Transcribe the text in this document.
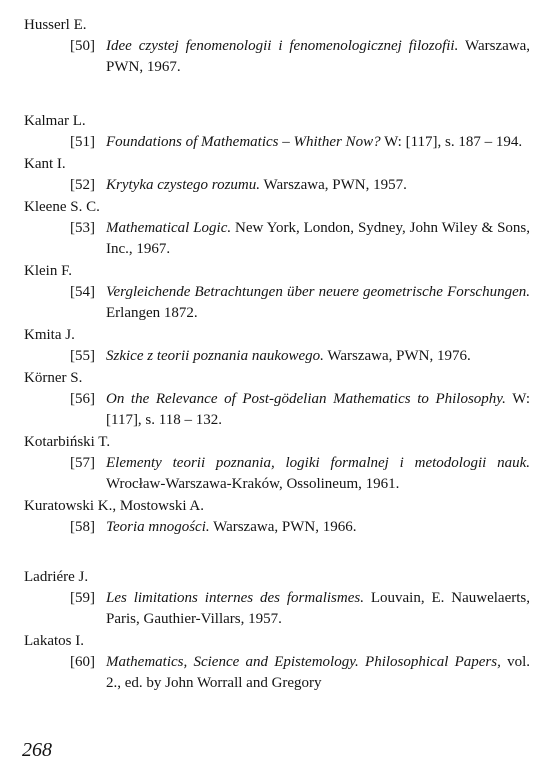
Husserl E.
[50] Idee czystej fenomenologii i fenomenologicznej filozofii. Warszawa, PWN, 1967.
Kalmar L.
[51] Foundations of Mathematics – Whither Now? W: [117], s. 187 – 194.
Kant I.
[52] Krytyka czystego rozumu. Warszawa, PWN, 1957.
Kleene S. C.
[53] Mathematical Logic. New York, London, Sydney, John Wiley & Sons, Inc., 1967.
Klein F.
[54] Vergleichende Betrachtungen über neuere geometrische Forschungen. Erlangen 1872.
Kmita J.
[55] Szkice z teorii poznania naukowego. Warszawa, PWN, 1976.
Körner S.
[56] On the Relevance of Post-gödelian Mathematics to Philosophy. W: [117], s. 118 – 132.
Kotarbiński T.
[57] Elementy teorii poznania, logiki formalnej i metodologii nauk. Wrocław-Warszawa-Kraków, Ossolineum, 1961.
Kuratowski K., Mostowski A.
[58] Teoria mnogości. Warszawa, PWN, 1966.
Ladriére J.
[59] Les limitations internes des formalismes. Louvain, E. Nauwelaerts, Paris, Gauthier-Villars, 1957.
Lakatos I.
[60] Mathematics, Science and Epistemology. Philosophical Papers, vol. 2., ed. by John Worrall and Gregory
268
